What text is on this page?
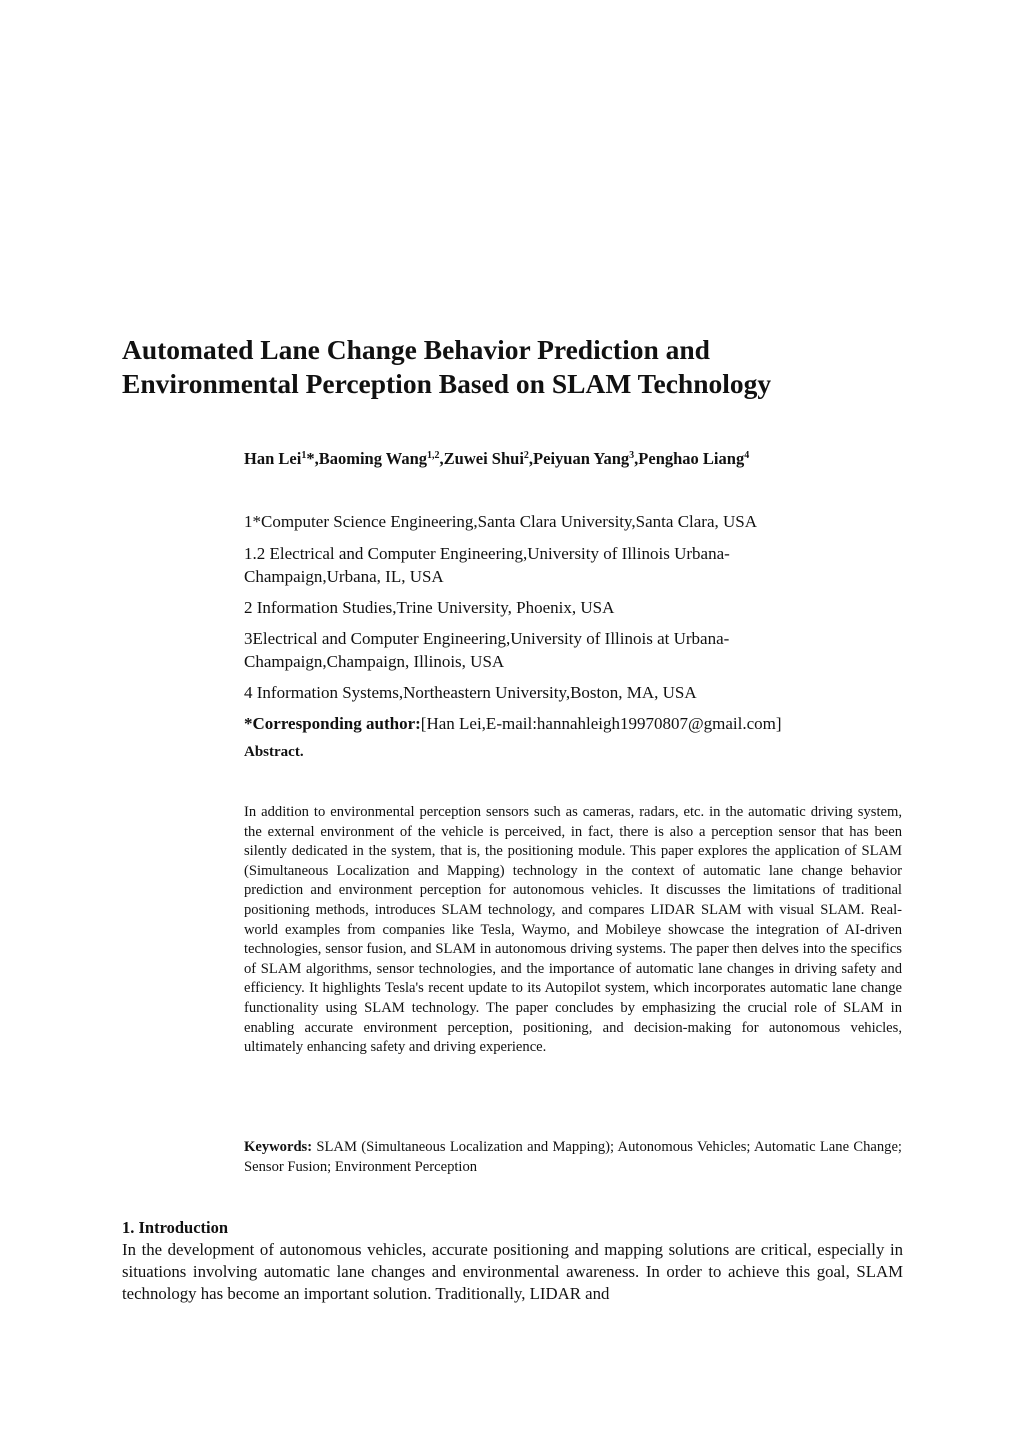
Automated Lane Change Behavior Prediction and
Environmental Perception Based on SLAM Technology
Han Lei$^1$*,Baoming Wang$^{1,2}$,Zuwei Shui$^2$,Peiyuan Yang$^3$,Penghao Liang$^4$

1*Computer Science Engineering,Santa Clara University,Santa Clara, USA

1.2 Electrical and Computer Engineering,University of Illinois Urbana-
Champaign,Urbana, IL, USA

2 Information Studies,Trine University, Phoenix, USA

3Electrical and Computer Engineering,University of Illinois at Urbana-
Champaign,Champaign, Illinois, USA

4 Information Systems,Northeastern University,Boston, MA, USA

*Corresponding author:[Han Lei,E-mail:hannahleigh19970807@gmail.com]
Abstract.

In addition to environmental perception sensors such as cameras, radars, etc. in the automatic driving system, the external environment of the vehicle is perceived, in fact, there is also a perception sensor that has been silently dedicated in the system, that is, the positioning module. This paper explores the application of SLAM (Simultaneous Localization and Mapping) technology in the context of automatic lane change behavior prediction and environment perception for autonomous vehicles. It discusses the limitations of traditional positioning methods, introduces SLAM technology, and compares LIDAR SLAM with visual SLAM. Real-world examples from companies like Tesla, Waymo, and Mobileye showcase the integration of AI-driven technologies, sensor fusion, and SLAM in autonomous driving systems. The paper then delves into the specifics of SLAM algorithms, sensor technologies, and the importance of automatic lane changes in driving safety and efficiency. It highlights Tesla's recent update to its Autopilot system, which incorporates automatic lane change functionality using SLAM technology. The paper concludes by emphasizing the crucial role of SLAM in enabling accurate environment perception, positioning, and decision-making for autonomous vehicles, ultimately enhancing safety and driving experience.

Keywords: SLAM (Simultaneous Localization and Mapping); Autonomous Vehicles; Automatic Lane Change; Sensor Fusion; Environment Perception

1. Introduction

In the development of autonomous vehicles, accurate positioning and mapping solutions are critical, especially in situations involving automatic lane changes and environmental awareness. In order to achieve this goal, SLAM technology has become an important solution. Traditionally, LIDAR and
